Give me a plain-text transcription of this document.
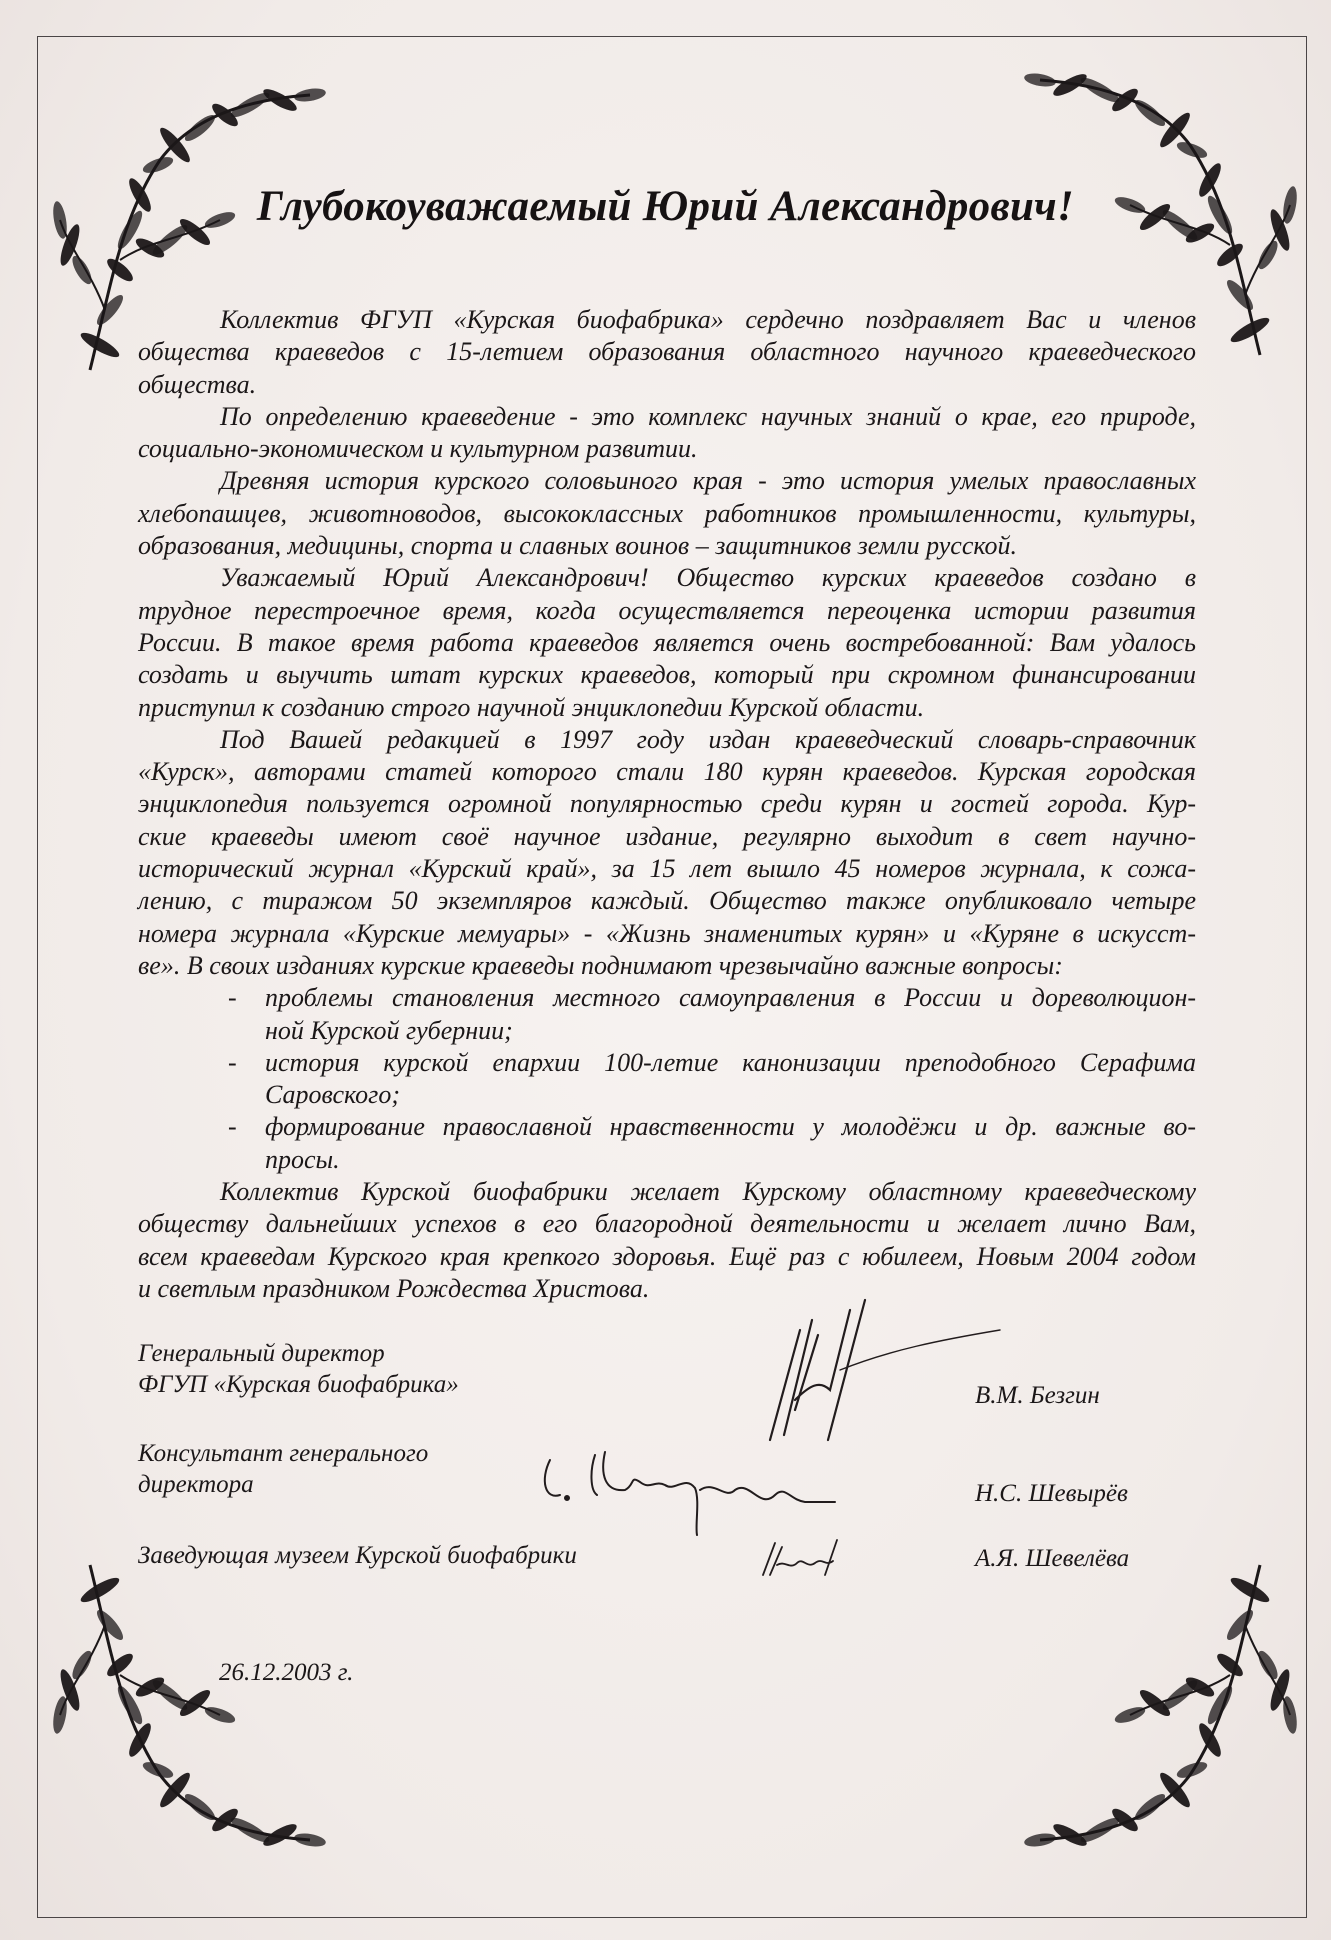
Глубокоуважаемый Юрий Александрович!
Коллектив ФГУП «Курская биофабрика» сердечно поздравляет Вас и членов
общества краеведов с 15-летием образования областного научного краеведческого
общества.
По определению краеведение - это комплекс научных знаний о крае, его природе,
социально-экономическом и культурном развитии.
Древняя история курского соловьиного края - это история умелых православных
хлебопашцев, животноводов, высококлассных работников промышленности, культуры,
образования, медицины, спорта и славных воинов – защитников земли русской.
Уважаемый Юрий Александрович! Общество курских краеведов создано в
трудное перестроечное время, когда осуществляется переоценка истории развития
России. В такое время работа краеведов является очень востребованной: Вам удалось
создать и выучить штат курских краеведов, который при скромном финансировании
приступил к созданию строго научной энциклопедии Курской области.
Под Вашей редакцией в 1997 году издан краеведческий словарь-справочник
«Курск», авторами статей которого стали 180 курян краеведов. Курская городская
энциклопедия пользуется огромной популярностью среди курян и гостей города. Кур-
ские краеведы имеют своё научное издание, регулярно выходит в свет научно-
исторический журнал «Курский край», за 15 лет вышло 45 номеров журнала, к сожа-
лению, с тиражом 50 экземпляров каждый. Общество также опубликовало четыре
номера журнала «Курские мемуары» - «Жизнь знаменитых курян» и «Куряне в искусст-
ве». В своих изданиях курские краеведы поднимают чрезвычайно важные вопросы:
- проблемы становления местного самоуправления в России и дореволюцион-
ной Курской губернии;
- история курской епархии 100-летие канонизации преподобного Серафима
Саровского;
- формирование православной нравственности у молодёжи и др. важные во-
просы.
Коллектив Курской биофабрики желает Курскому областному краеведческому
обществу дальнейших успехов в его благородной деятельности и желает лично Вам,
всем краеведам Курского края крепкого здоровья. Ещё раз с юбилеем, Новым 2004 годом
и светлым праздником Рождества Христова.
Генеральный директор
ФГУП «Курская биофабрика»	В.М. Безгин
Консультант генерального
директора	Н.С. Шевырёв
Заведующая музеем Курской биофабрики	А.Я. Шевелёва
26.12.2003 г.
